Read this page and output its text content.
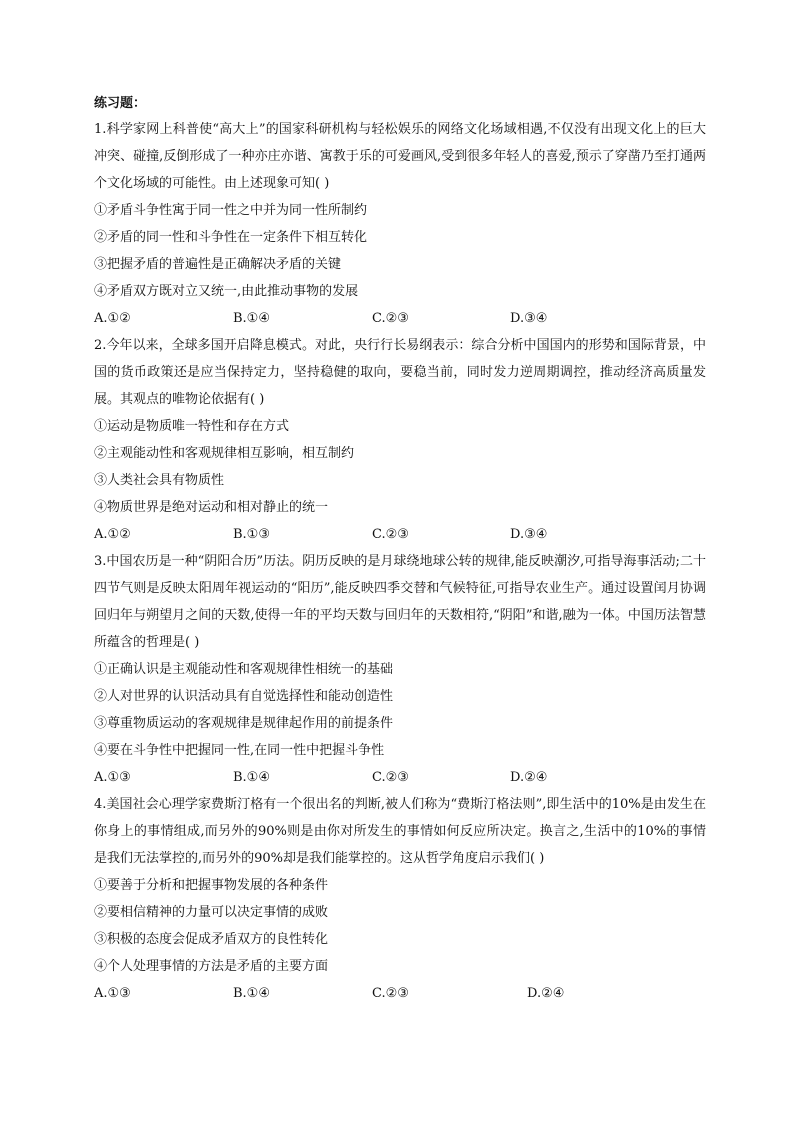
练习题：
1.科学家网上科普使“高大上”的国家科研机构与轻松娱乐的网络文化场域相遇,不仅没有出现文化上的巨大冲突、碰撞,反倒形成了一种亦庄亦谐、寓教于乐的可爱画风,受到很多年轻人的喜爱,预示了穿凿乃至打通两个文化场域的可能性。由上述现象可知( )
①矛盾斗争性寓于同一性之中并为同一性所制约
②矛盾的同一性和斗争性在一定条件下相互转化
③把握矛盾的普遍性是正确解决矛盾的关键
④矛盾双方既对立又统一,由此推动事物的发展
A.①②	B.①④	C.②③	D.③④
2.今年以来，全球多国开启降息模式。对此，央行行长易纲表示：综合分析中国国内的形势和国际背景，中国的货币政策还是应当保持定力，坚持稳健的取向，要稳当前，同时发力逆周期调控，推动经济高质量发展。其观点的唯物论依据有( )
①运动是物质唯一特性和存在方式
②主观能动性和客观规律相互影响，相互制约
③人类社会具有物质性
④物质世界是绝对运动和相对静止的统一
A.①②	B.①③	C.②③	D.③④
3.中国农历是一种“阴阳合历”历法。阴历反映的是月球绕地球公转的规律,能反映潮汐,可指导海事活动;二十四节气则是反映太阳周年视运动的“阳历”,能反映四季交替和气候特征,可指导农业生产。通过设置闰月协调回归年与朔望月之间的天数,使得一年的平均天数与回归年的天数相符,“阴阳”和谐,融为一体。中国历法智慧所蕴含的哲理是( )
①正确认识是主观能动性和客观规律性相统一的基础
②人对世界的认识活动具有自觉选择性和能动创造性
③尊重物质运动的客观规律是规律起作用的前提条件
④要在斗争性中把握同一性,在同一性中把握斗争性
A.①③	B.①④	C.②③	D.②④
4.美国社会心理学家费斯汀格有一个很出名的判断,被人们称为“费斯汀格法则”,即生活中的10%是由发生在你身上的事情组成,而另外的90%则是由你对所发生的事情如何反应所决定。换言之,生活中的10%的事情是我们无法掌控的,而另外的90%却是我们能掌控的。这从哲学角度启示我们( )
①要善于分析和把握事物发展的各种条件
②要相信精神的力量可以决定事情的成败
③积极的态度会促成矛盾双方的良性转化
④个人处理事情的方法是矛盾的主要方面
A.①③	B.①④	C.②③	D.②④
